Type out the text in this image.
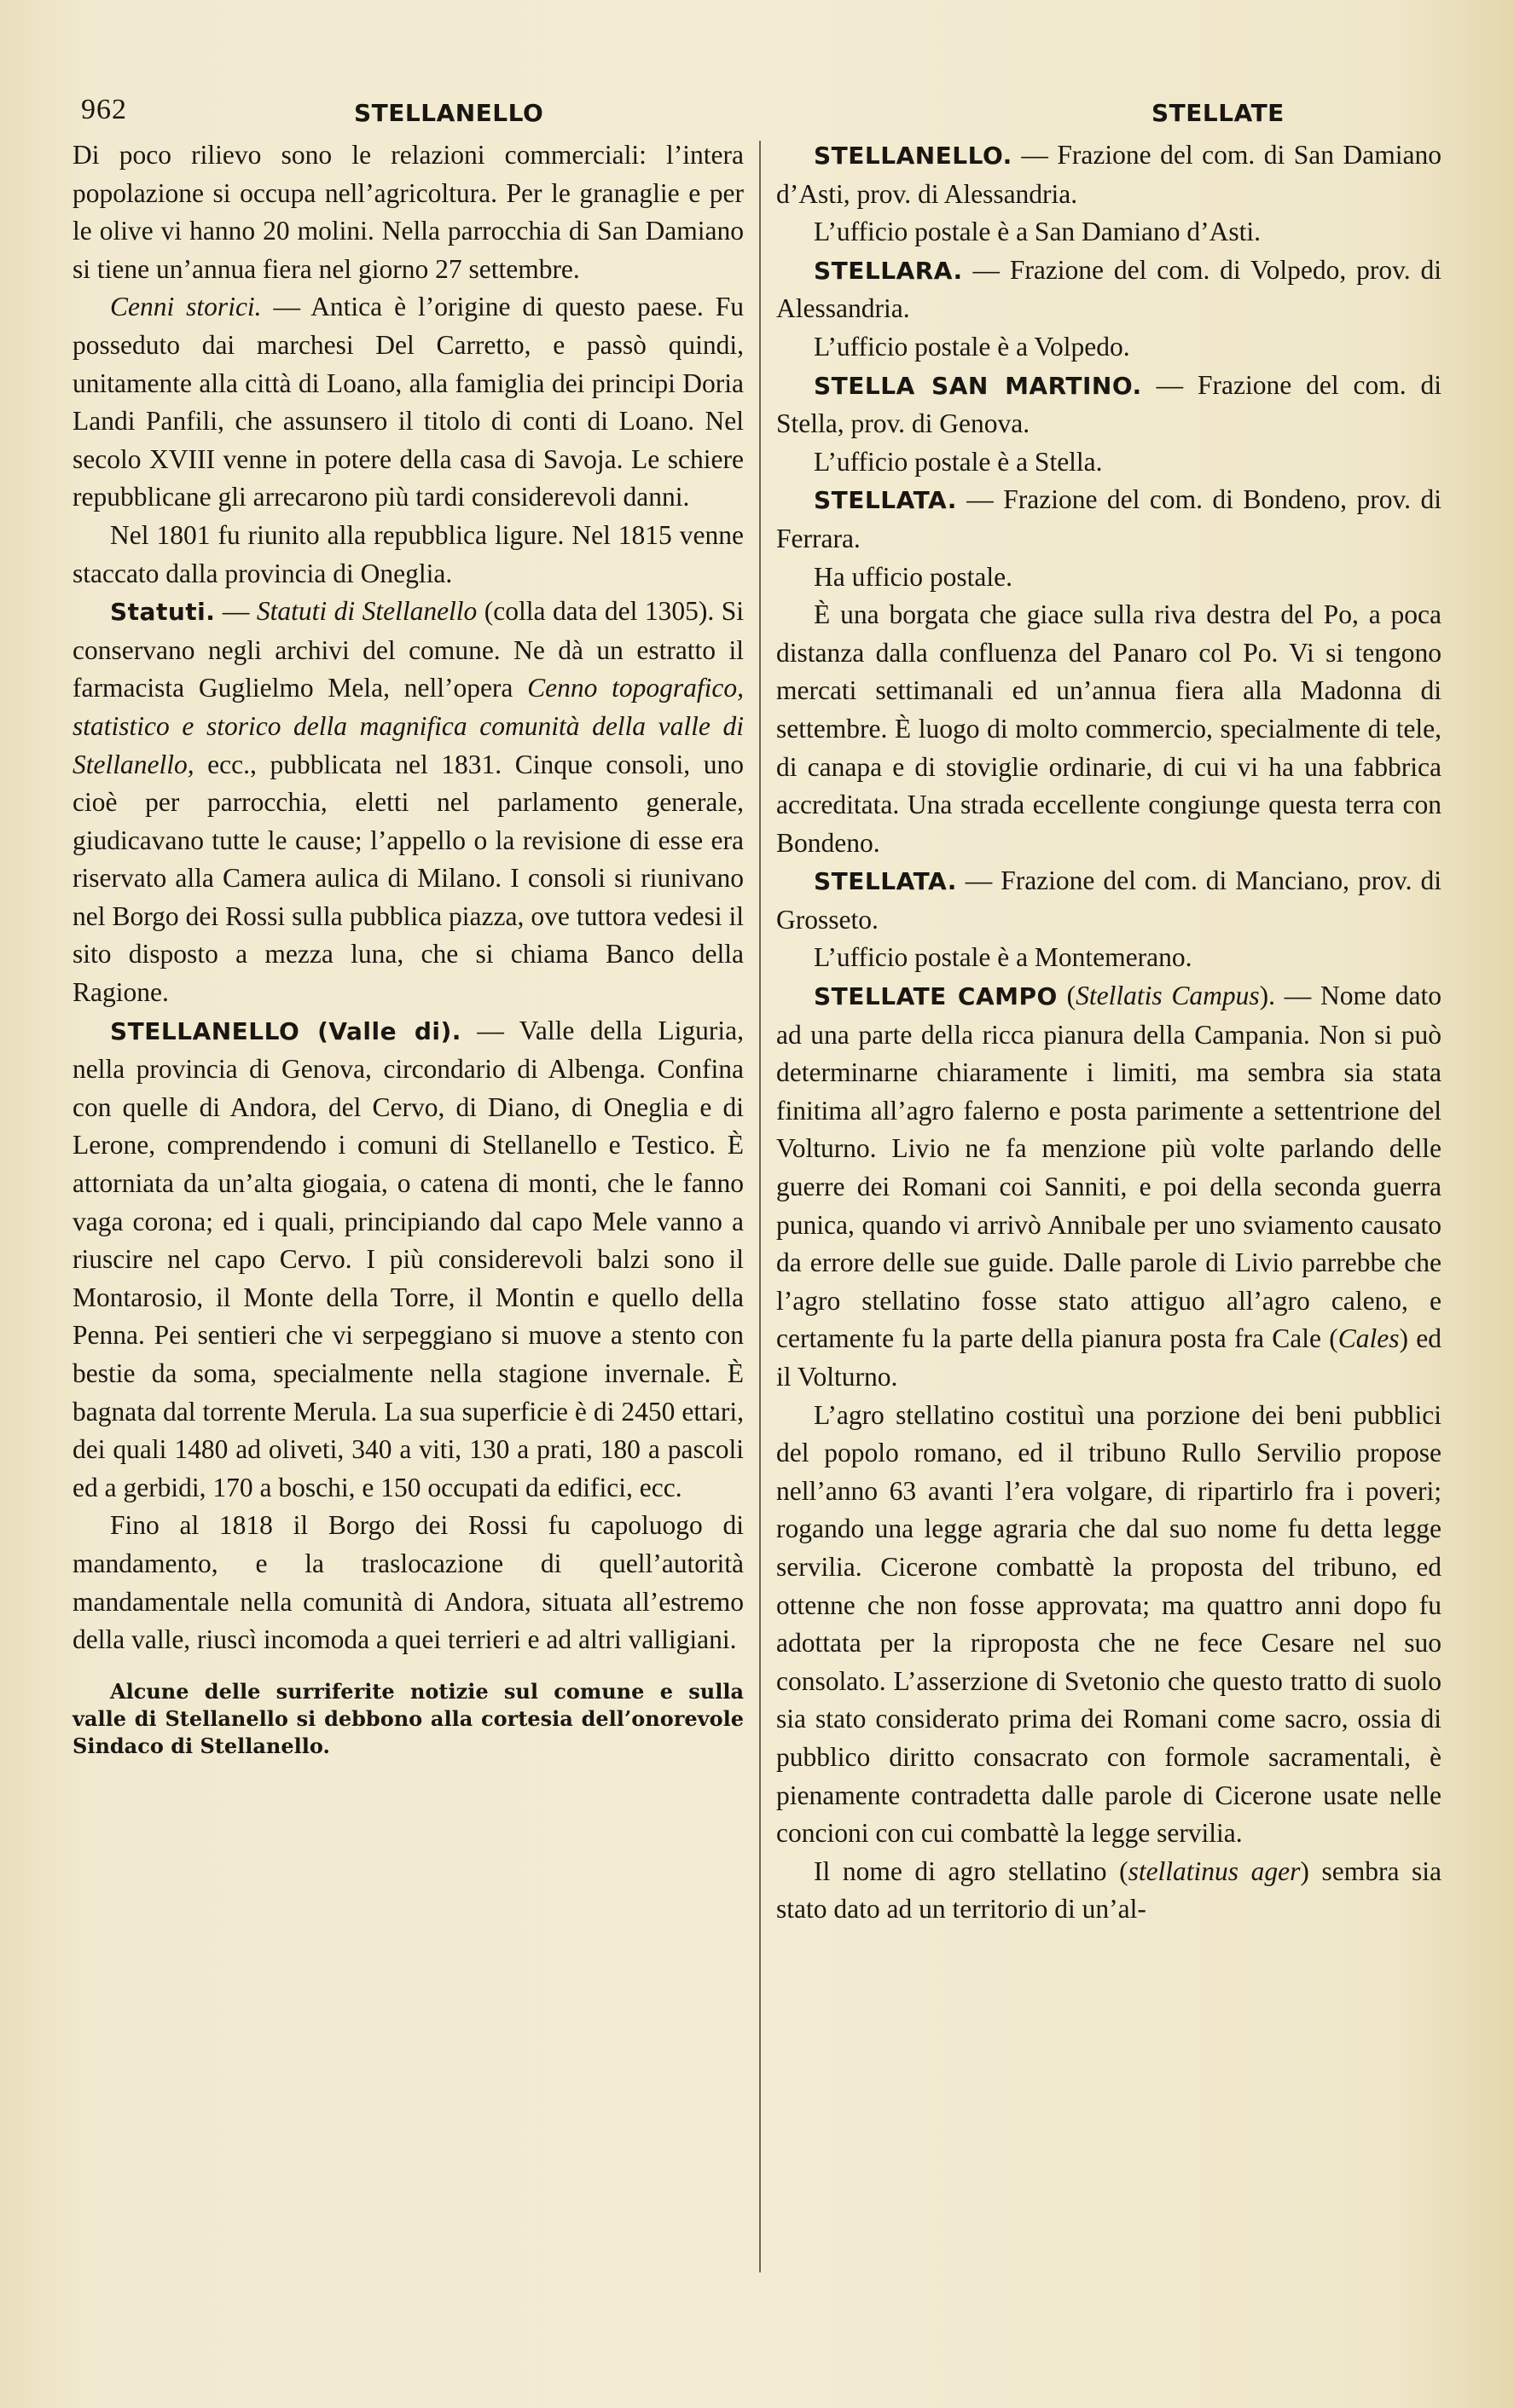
962	STELLANELLO	STELLATE

Di poco rilievo sono le relazioni commerciali: l’intera popolazione si occupa nell’agricoltura. Per le granaglie e per le olive vi hanno 20 molini. Nella parrocchia di San Damiano si tiene un’annua fiera nel giorno 27 settembre.

Cenni storici. — Antica è l’origine di questo paese. Fu posseduto dai marchesi Del Carretto, e passò quindi, unitamente alla città di Loano, alla famiglia dei principi Doria Landi Panfili, che assunsero il titolo di conti di Loano. Nel secolo XVIII venne in potere della casa di Savoja. Le schiere repubblicane gli arrecarono più tardi considerevoli danni.

Nel 1801 fu riunito alla repubblica ligure. Nel 1815 venne staccato dalla provincia di Oneglia.

Statuti. — Statuti di Stellanello (colla data del 1305). Si conservano negli archivi del comune. Ne dà un estratto il farmacista Guglielmo Mela, nell’opera Cenno topografico, statistico e storico della magnifica comunità della valle di Stellanello, ecc., pubblicata nel 1831. Cinque consoli, uno cioè per parrocchia, eletti nel parlamento generale, giudicavano tutte le cause; l’appello o la revisione di esse era riservato alla Camera aulica di Milano. I consoli si riunivano nel Borgo dei Rossi sulla pubblica piazza, ove tuttora vedesi il sito disposto a mezza luna, che si chiama Banco della Ragione.

STELLANELLO (Valle di). — Valle della Liguria, nella provincia di Genova, circondario di Albenga. Confina con quelle di Andora, del Cervo, di Diano, di Oneglia e di Lerone, comprendendo i comuni di Stellanello e Testico. È attorniata da un’alta giogaia, o catena di monti, che le fanno vaga corona; ed i quali, principiando dal capo Mele vanno a riuscire nel capo Cervo. I più considerevoli balzi sono il Montarosio, il Monte della Torre, il Montin e quello della Penna. Pei sentieri che vi serpeggiano si muove a stento con bestie da soma, specialmente nella stagione invernale. È bagnata dal torrente Merula. La sua superficie è di 2450 ettari, dei quali 1480 ad oliveti, 340 a viti, 130 a prati, 180 a pascoli ed a gerbidi, 170 a boschi, e 150 occupati da edifici, ecc.

Fino al 1818 il Borgo dei Rossi fu capoluogo di mandamento, e la traslocazione di quell’autorità mandamentale nella comunità di Andora, situata all’estremo della valle, riuscì incomoda a quei terrieri e ad altri valligiani.

Alcune delle surriferite notizie sul comune e sulla valle di Stellanello si debbono alla cortesia dell’onorevole Sindaco di Stellanello.

STELLANELLO. — Frazione del com. di San Damiano d’Asti, prov. di Alessandria.

L’ufficio postale è a San Damiano d’Asti.

STELLARA. — Frazione del com. di Volpedo, prov. di Alessandria.

L’ufficio postale è a Volpedo.

STELLA SAN MARTINO. — Frazione del com. di Stella, prov. di Genova.

L’ufficio postale è a Stella.

STELLATA. — Frazione del com. di Bondeno, prov. di Ferrara.

Ha ufficio postale.

È una borgata che giace sulla riva destra del Po, a poca distanza dalla confluenza del Panaro col Po. Vi si tengono mercati settimanali ed un’annua fiera alla Madonna di settembre. È luogo di molto commercio, specialmente di tele, di canapa e di stoviglie ordinarie, di cui vi ha una fabbrica accreditata. Una strada eccellente congiunge questa terra con Bondeno.

STELLATA. — Frazione del com. di Manciano, prov. di Grosseto.

L’ufficio postale è a Montemerano.

STELLATE CAMPO (Stellatis Campus). — Nome dato ad una parte della ricca pianura della Campania. Non si può determinarne chiaramente i limiti, ma sembra sia stata finitima all’agro falerno e posta parimente a settentrione del Volturno. Livio ne fa menzione più volte parlando delle guerre dei Romani coi Sanniti, e poi della seconda guerra punica, quando vi arrivò Annibale per uno sviamento causato da errore delle sue guide. Dalle parole di Livio parrebbe che l’agro stellatino fosse stato attiguo all’agro caleno, e certamente fu la parte della pianura posta fra Cale (Cales) ed il Volturno.

L’agro stellatino costituì una porzione dei beni pubblici del popolo romano, ed il tribuno Rullo Servilio propose nell’anno 63 avanti l’era volgare, di ripartirlo fra i poveri; rogando una legge agraria che dal suo nome fu detta legge servilia. Cicerone combattè la proposta del tribuno, ed ottenne che non fosse approvata; ma quattro anni dopo fu adottata per la riproposta che ne fece Cesare nel suo consolato. L’asserzione di Svetonio che questo tratto di suolo sia stato considerato prima dei Romani come sacro, ossia di pubblico diritto consacrato con formole sacramentali, è pienamente contradetta dalle parole di Cicerone usate nelle concioni con cui combattè la legge servilia.

Il nome di agro stellatino (stellatinus ager) sembra sia stato dato ad un territorio di un’al-
